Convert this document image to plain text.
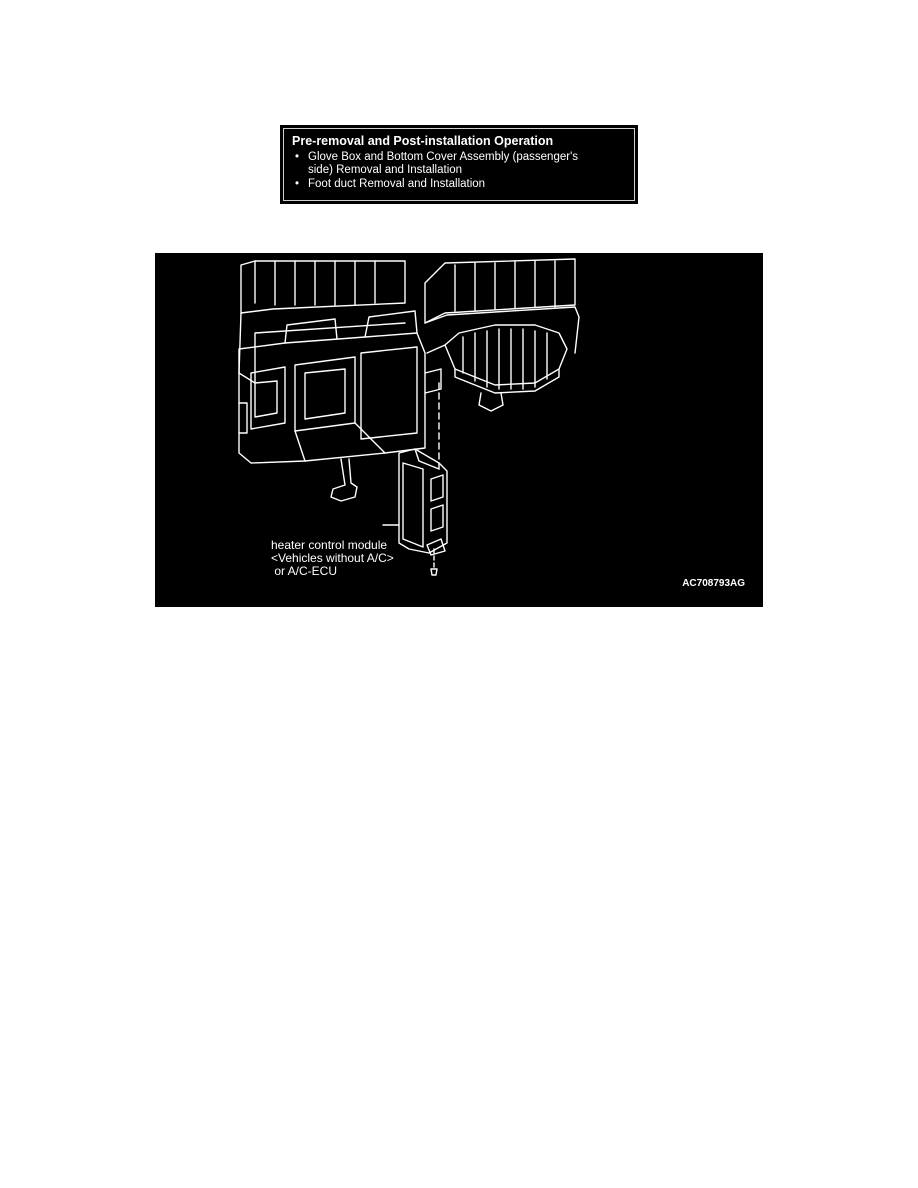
Pre-removal and Post-installation Operation
• Glove Box and Bottom Cover Assembly (passenger's
side) Removal and Installation
• Foot duct Removal and Installation
heater control module
<Vehicles without A/C>
or A/C-ECU
AC708793AG
